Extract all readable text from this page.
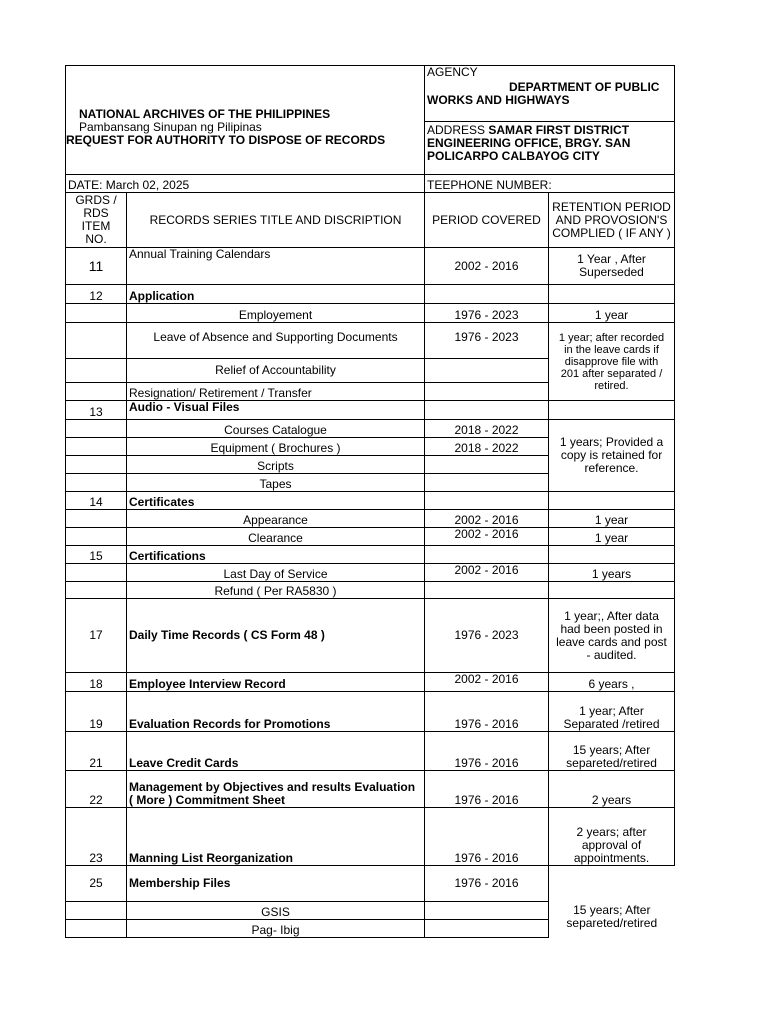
NATIONAL ARCHIVES OF THE PHILIPPINES
Pambansang Sinupan ng Pilipinas
REQUEST FOR AUTHORITY TO DISPOSE OF RECORDS		AGENCY
DEPARTMENT OF PUBLIC
WORKS AND HIGHWAYS	

		ADDRESS SAMAR FIRST DISTRICT
ENGINEERING OFFICE, BRGY. SAN
POLICARPO CALBAYOG CITY	
DATE: March 02, 2025		TEEPHONE NUMBER:	
GRDS /
RDS ITEM
NO.	RECORDS SERIES TITLE AND DISCRIPTION	PERIOD COVERED	RETENTION PERIOD
AND PROVOSION'S
COMPLIED ( IF ANY )
11	Annual Training Calendars	2002 - 2016	1 Year , After
Superseded
12	Application		
	Employement	1976 - 2023	1 year
	Leave of Absence and Supporting Documents	1976 - 2023	1 year; after recorded
in the leave cards if
disapprove file with
201 after separated /
retired.
	Relief of Accountability		
	Resignation/ Retirement / Transfer		
13	Audio - Visual Files		
	Courses Catalogue	2018 - 2022	1 years; Provided a
copy is retained for
reference.
	Equipment ( Brochures )	2018 - 2022	
	Scripts		
	Tapes		
14	Certificates		
	Appearance	2002 - 2016	1 year
	Clearance	2002 - 2016	1 year
15	Certifications		
	Last Day of Service	2002 - 2016	1 years
	Refund ( Per RA5830 )		
17	Daily Time Records ( CS Form 48 )	1976 - 2023	1 year;, After data
had been posted in
leave cards and post
- audited.
18	Employee Interview Record	2002 - 2016	6 years ,
19	Evaluation Records for Promotions	1976 - 2016	1 year; After
Separated /retired
21	Leave Credit Cards	1976 - 2016	15 years; After
separeted/retired
22	Management by Objectives and results Evaluation
( More ) Commitment Sheet	1976 - 2016	2 years
23	Manning List Reorganization	1976 - 2016	2 years; after
approval of
appointments.
25	Membership Files	1976 - 2016	15 years; After
separeted/retired
	GSIS		
	Pag- Ibig		
